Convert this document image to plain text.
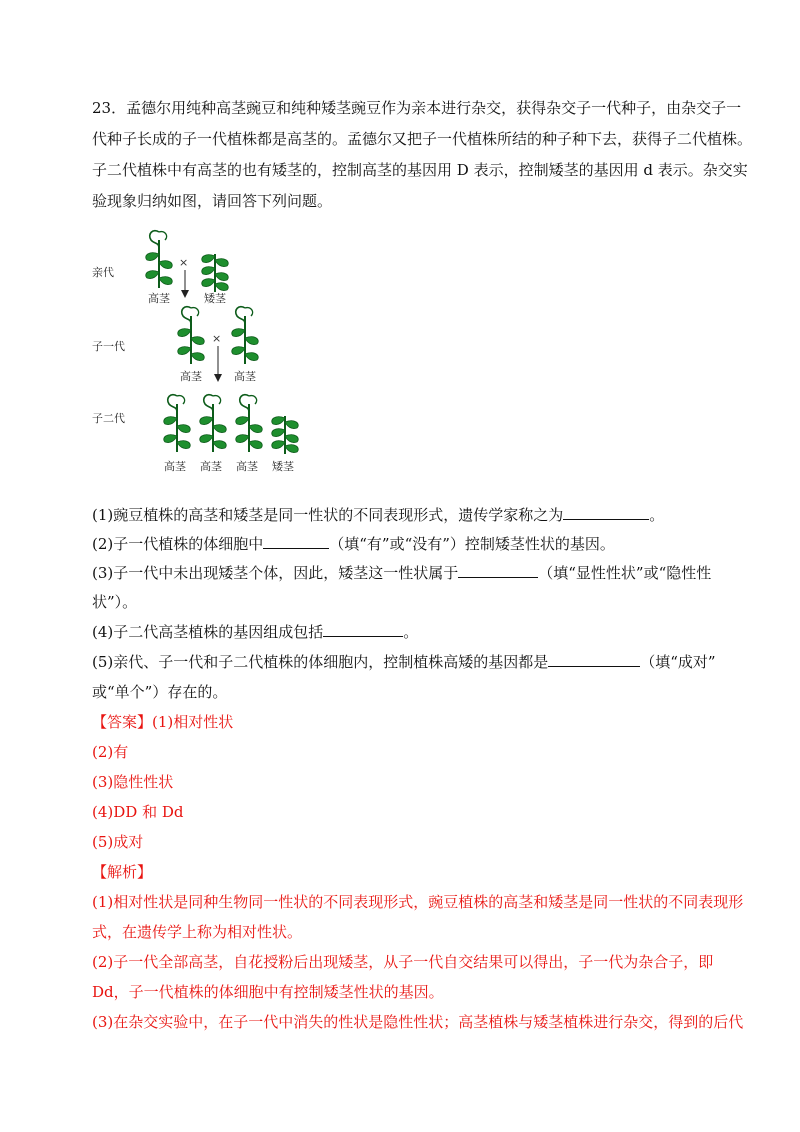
23．孟德尔用纯种高茎豌豆和纯种矮茎豌豆作为亲本进行杂交，获得杂交子一代种子，由杂交子一
代种子长成的子一代植株都是高茎的。孟德尔又把子一代植株所结的种子种下去，获得子二代植株。
子二代植株中有高茎的也有矮茎的，控制高茎的基因用 D 表示，控制矮茎的基因用 d 表示。杂交实
验现象归纳如图，请回答下列问题。
亲代
子一代
子二代
×
高茎	矮茎
×
高茎	高茎
高茎 高茎 高茎 矮茎
(1)豌豆植株的高茎和矮茎是同一性状的不同表现形式，遗传学家称之为	。
(2)子一代植株的体细胞中	（填“有”或“没有”）控制矮茎性状的基因。
(3)子一代中未出现矮茎个体，因此，矮茎这一性状属于	（填“显性性状”或“隐性性
状”）。
(4)子二代高茎植株的基因组成包括	。
(5)亲代、子一代和子二代植株的体细胞内，控制植株高矮的基因都是	（填“成对”
或“单个”）存在的。
【答案】(1)相对性状
(2)有
(3)隐性性状
(4)DD 和 Dd
(5)成对
【解析】
(1)相对性状是同种生物同一性状的不同表现形式，豌豆植株的高茎和矮茎是同一性状的不同表现形
式，在遗传学上称为相对性状。
(2)子一代全部高茎，自花授粉后出现矮茎，从子一代自交结果可以得出，子一代为杂合子，即
Dd，子一代植株的体细胞中有控制矮茎性状的基因。
(3)在杂交实验中，在子一代中消失的性状是隐性性状；高茎植株与矮茎植株进行杂交，得到的后代
